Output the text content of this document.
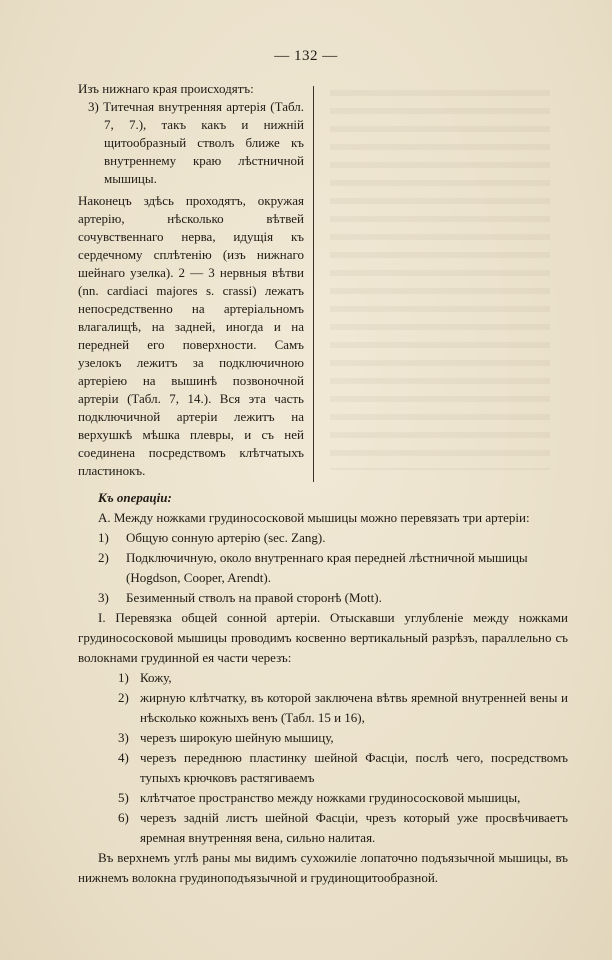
— 132 —

Изъ нижнаго края происходятъ:

3) Титечная внутренняя артерія (Табл. 7, 7.), такъ какъ и нижній щитообразный стволъ ближе къ внутреннему краю лѣстничной мышицы.

Наконецъ здѣсь проходятъ, окружая артерію, нѣсколько вѣтвей сочувственнаго нерва, идущія къ сердечному сплѣтенію (изъ нижнаго шейнаго узелка). 2 — 3 нервныя вѣтви (nn. cardiaci majores s. crassi) лежатъ непосредственно на артеріальномъ влагалищѣ, на задней, иногда и на передней его поверхности. Самъ узелокъ лежитъ за подключичною артеріею на вышинѣ позвоночной артеріи (Табл. 7, 14.). Вся эта часть подключичной артеріи лежитъ на верхушкѣ мѣшка плевры, и съ ней соединена посредствомъ клѣтчатыхъ пластинокъ.

Къ операціи:

А. Между ножками грудинососкoвой мышицы можно перевязать три артеріи:

1) Общую сонную артерію (sec. Zang).
2) Подключичную, около внутреннаго края передней лѣстничной мышицы (Hogdson, Cooper, Arendt).
3) Безименный стволъ на правой сторонѣ (Mott).

І. Перевязка общей сонной артеріи. Отыскавши углубленіе между ножками грудинососкoвой мышицы проводимъ косвенно вертикальный разрѣзъ, параллельно съ волокнами грудинной ея части черезъ:

1) Кожу,
2) жирную клѣтчатку, въ которой заключена вѣтвь яремной внутренней вены и нѣсколько кожныхъ венъ (Табл. 15 и 16),
3) черезъ широкую шейную мышицу,
4) черезъ переднюю пластинку шейной Фасціи, послѣ чего, посредствомъ тупыхъ крючковъ растягиваемъ
5) клѣтчатое пространство между ножками грудинососкoвой мышицы,
6) черезъ задній листъ шейной Фасціи, чрезъ который уже просвѣчиваетъ яремная внутренняя вена, сильно налитая.

Въ верхнемъ углѣ раны мы видимъ сухожиліе лопаточно подъязычной мышицы, въ нижнемъ волокна грудиноподъязычной и грудинощитообразной.
